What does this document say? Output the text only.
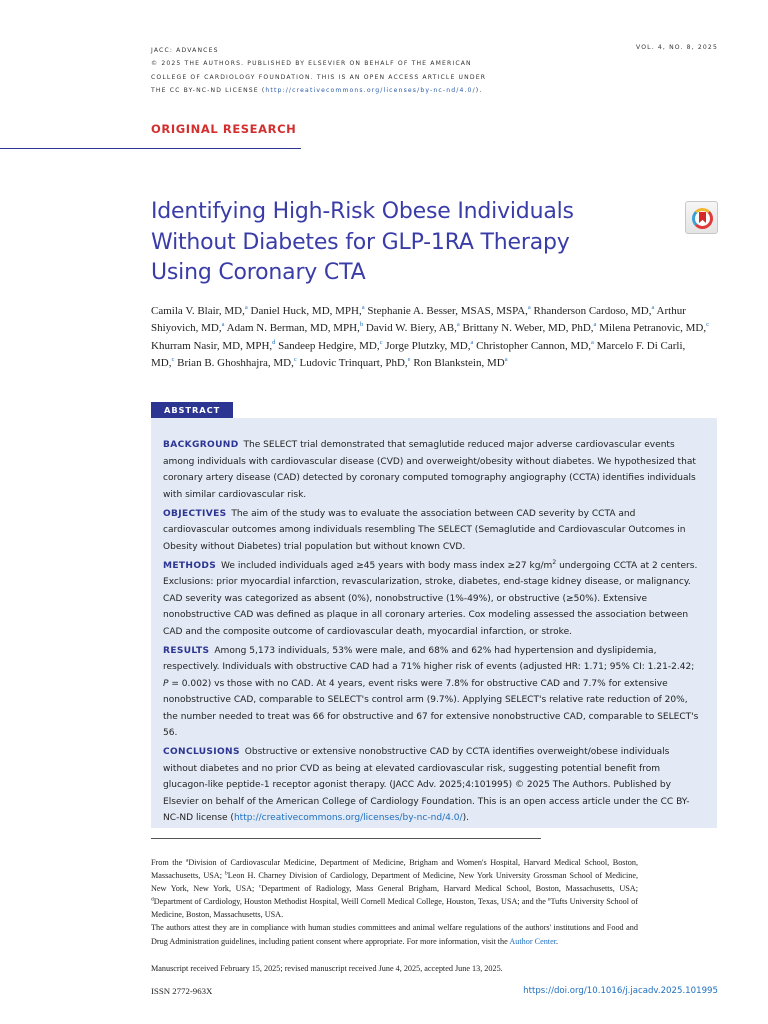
JACC: ADVANCES
© 2025 THE AUTHORS. PUBLISHED BY ELSEVIER ON BEHALF OF THE AMERICAN
COLLEGE OF CARDIOLOGY FOUNDATION. THIS IS AN OPEN ACCESS ARTICLE UNDER
THE CC BY-NC-ND LICENSE (http://creativecommons.org/licenses/by-nc-nd/4.0/).
VOL. 4, NO. 8, 2025
ORIGINAL RESEARCH
Identifying High-Risk Obese Individuals
Without Diabetes for GLP-1RA Therapy
Using Coronary CTA
Camila V. Blair, MD,$^a$ Daniel Huck, MD, MPH,$^a$ Stephanie A. Besser, MSAS, MSPA,$^a$ Rhanderson Cardoso, MD,$^a$ Arthur Shiyovich, MD,$^a$ Adam N. Berman, MD, MPH,$^b$ David W. Biery, AB,$^a$ Brittany N. Weber, MD, PhD,$^a$ Milena Petranovic, MD,$^c$ Khurram Nasir, MD, MPH,$^d$ Sandeep Hedgire, MD,$^c$ Jorge Plutzky, MD,$^a$ Christopher Cannon, MD,$^a$ Marcelo F. Di Carli, MD,$^c$ Brian B. Ghoshhajra, MD,$^c$ Ludovic Trinquart, PhD,$^e$ Ron Blankstein, $MD^a$
ABSTRACT

BACKGROUND The SELECT trial demonstrated that semaglutide reduced major adverse cardiovascular events among individuals with cardiovascular disease (CVD) and overweight/obesity without diabetes. We hypothesized that coronary artery disease (CAD) detected by coronary computed tomography angiography (CCTA) identifies individuals with similar cardiovascular risk.

OBJECTIVES The aim of the study was to evaluate the association between CAD severity by CCTA and cardiovascular outcomes among individuals resembling The SELECT (Semaglutide and Cardiovascular Outcomes in Obesity without Diabetes) trial population but without known CVD.

METHODS We included individuals aged ≥45 years with body mass index ≥27 $kg/m^2$ undergoing CCTA at 2 centers. Exclusions: prior myocardial infarction, revascularization, stroke, diabetes, end-stage kidney disease, or malignancy. CAD severity was categorized as absent (0%), nonobstructive (1%-49%), or obstructive (≥50%). Extensive nonobstructive CAD was defined as plaque in all coronary arteries. Cox modeling assessed the association between CAD and the composite outcome of cardiovascular death, myocardial infarction, or stroke.

RESULTS Among 5,173 individuals, 53% were male, and 68% and 62% had hypertension and dyslipidemia, respectively. Individuals with obstructive CAD had a 71% higher risk of events (adjusted HR: 1.71; 95% CI: 1.21-2.42; P = 0.002) vs those with no CAD. At 4 years, event risks were 7.8% for obstructive CAD and 7.7% for extensive nonobstructive CAD, comparable to SELECT's control arm (9.7%). Applying SELECT's relative rate reduction of 20%, the number needed to treat was 66 for obstructive and 67 for extensive nonobstructive CAD, comparable to SELECT's 56.

CONCLUSIONS Obstructive or extensive nonobstructive CAD by CCTA identifies overweight/obese individuals without diabetes and no prior CVD as being at elevated cardiovascular risk, suggesting potential benefit from glucagon-like peptide-1 receptor agonist therapy. (JACC Adv. 2025;4:101995) © 2025 The Authors. Published by Elsevier on behalf of the American College of Cardiology Foundation. This is an open access article under the CC BY-NC-ND license (http://creativecommons.org/licenses/by-nc-nd/4.0/).

From the $^a$Division of Cardiovascular Medicine, Department of Medicine, Brigham and Women's Hospital, Harvard Medical School, Boston, Massachusetts, USA; $^b$Leon H. Charney Division of Cardiology, Department of Medicine, New York University Grossman School of Medicine, New York, New York, USA; $^c$Department of Radiology, Mass General Brigham, Harvard Medical School, Boston, Massachusetts, USA; $^d$Department of Cardiology, Houston Methodist Hospital, Weill Cornell Medical College, Houston, Texas, USA; and the $^e$Tufts University School of Medicine, Boston, Massachusetts, USA.

The authors attest they are in compliance with human studies committees and animal welfare regulations of the authors' institutions and Food and Drug Administration guidelines, including patient consent where appropriate. For more information, visit the Author Center.

Manuscript received February 15, 2025; revised manuscript received June 4, 2025, accepted June 13, 2025.
ISSN 2772-963X	https://doi.org/10.1016/j.jacadv.2025.101995
